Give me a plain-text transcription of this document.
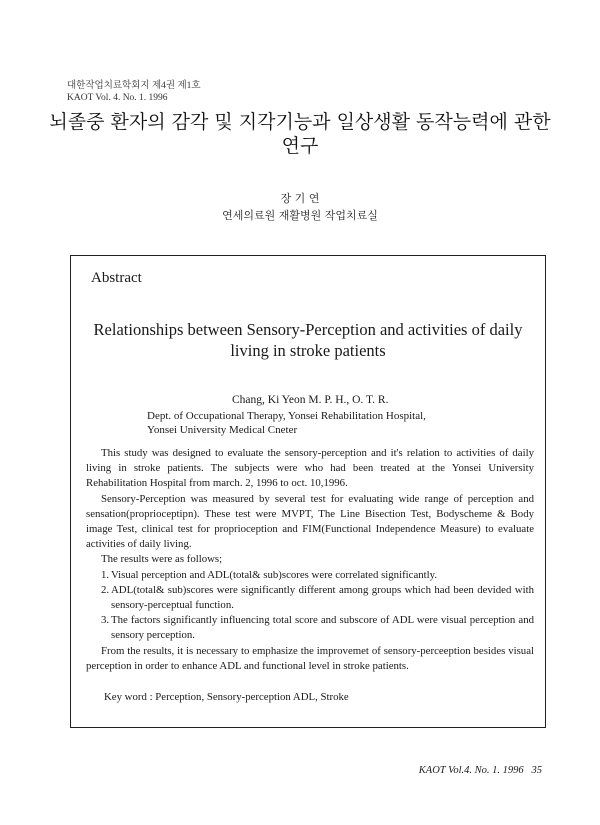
대한작업치료학회지 제4권 제1호
KAOT Vol. 4. No. 1. 1996
뇌졸중 환자의 감각 및 지각기능과 일상생활 동작능력에 관한
연구
장 기 연
연세의료원 재활병원 작업치료실
Abstract
Relationships between Sensory-Perception and activities of daily
living in stroke patients
Chang, Ki Yeon M. P. H., O. T. R.
Dept. of Occupational Therapy, Yonsei Rehabilitation Hospital,
Yonsei University Medical Cneter

This study was designed to evaluate the sensory-perception and it's relation to activities of daily living in stroke patients. The subjects were who had been treated at the Yonsei University Rehabilitation Hospital from march. 2, 1996 to oct. 10,1996.

Sensory-Perception was measured by several test for evaluating wide range of perception and sensation(proprioceptipn). These test were MVPT, The Line Bisection Test, Bodyscheme & Body image Test, clinical test for proprioception and FIM(Functional Independence Measure) to evaluate activities of daily living.

The results were as follows;

1. Visual perception and ADL(total& sub)scores were correlated significantly.
2. ADL(total& sub)scores were significantly different among groups which had been devided with sensory-perceptual function.
3. The factors significantly influencing total score and subscore of ADL were visual perception and sensory perception.

From the results, it is necessary to emphasize the improvemet of sensory-perceeption besides visual perception in order to enhance ADL and functional level in stroke patients.

Key word : Perception, Sensory-perception ADL, Stroke
KAOT Vol.4. No. 1. 1996 35
